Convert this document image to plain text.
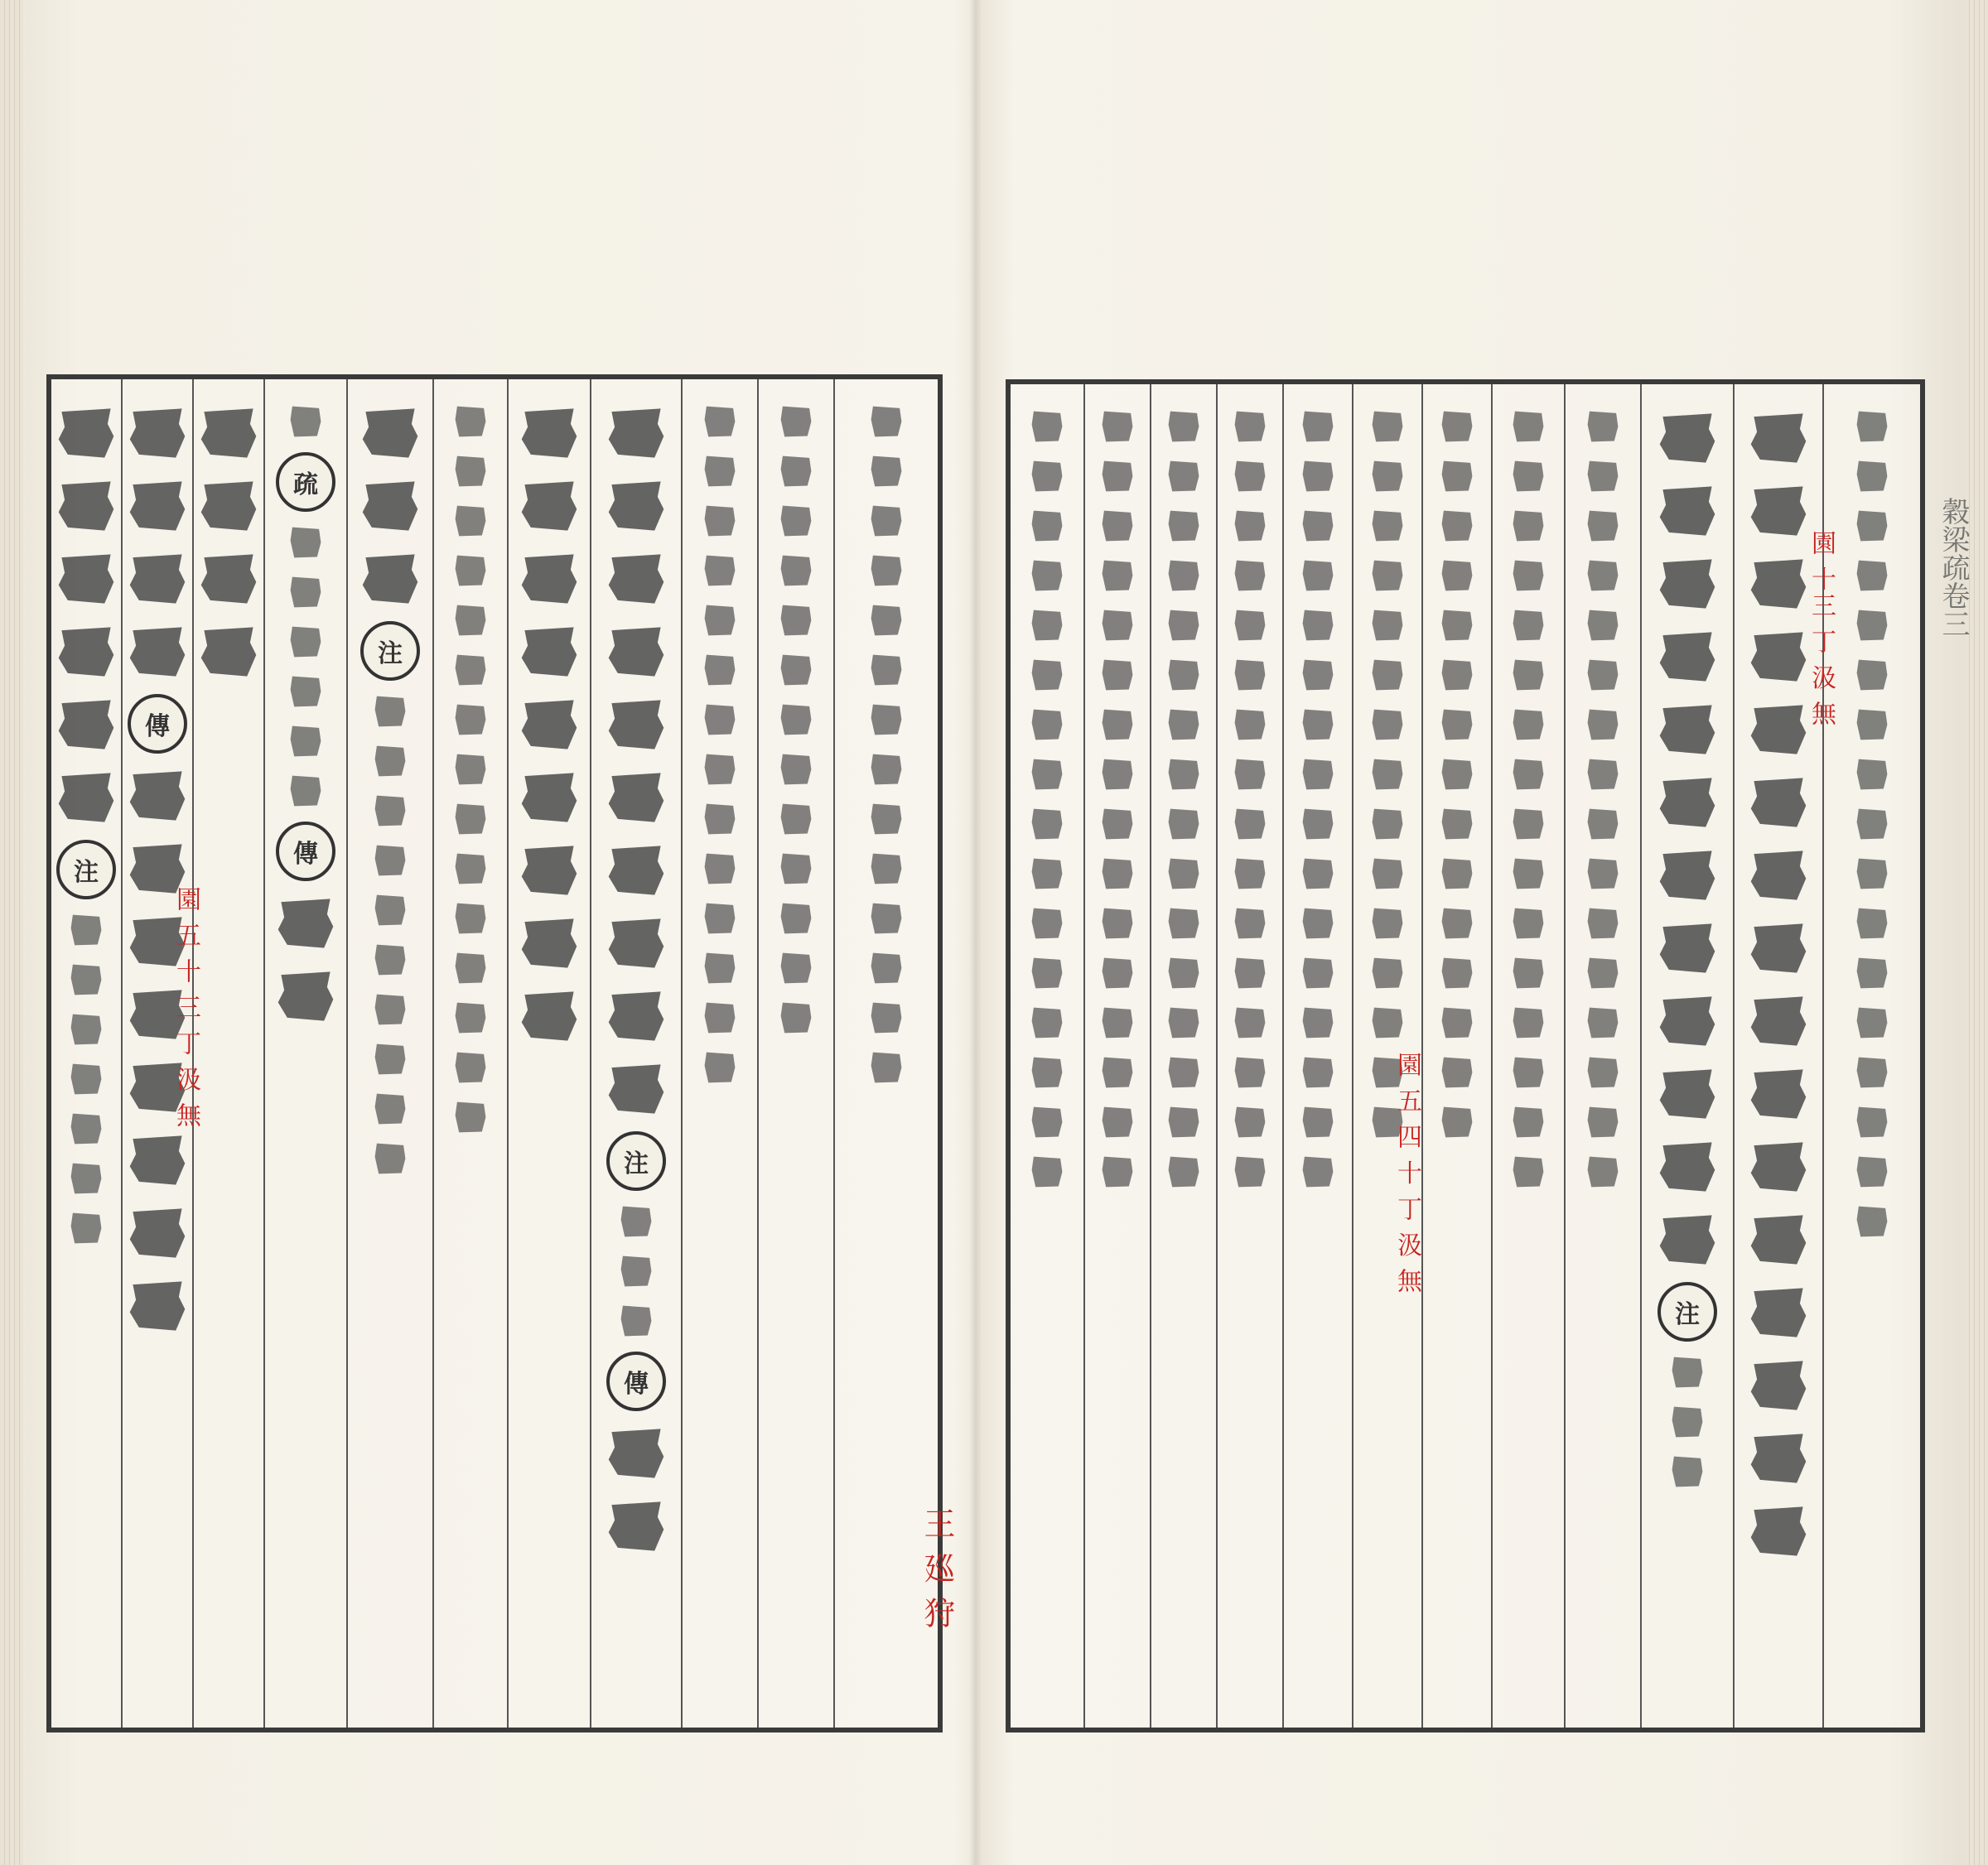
注
傳
疏
傳
注
注
傳
注
園 五 四 十 丁 汲 無
園 十三 丁 汲 無
王 廵 狩
園 五 十 三 丁 汲 無
穀梁疏卷三
